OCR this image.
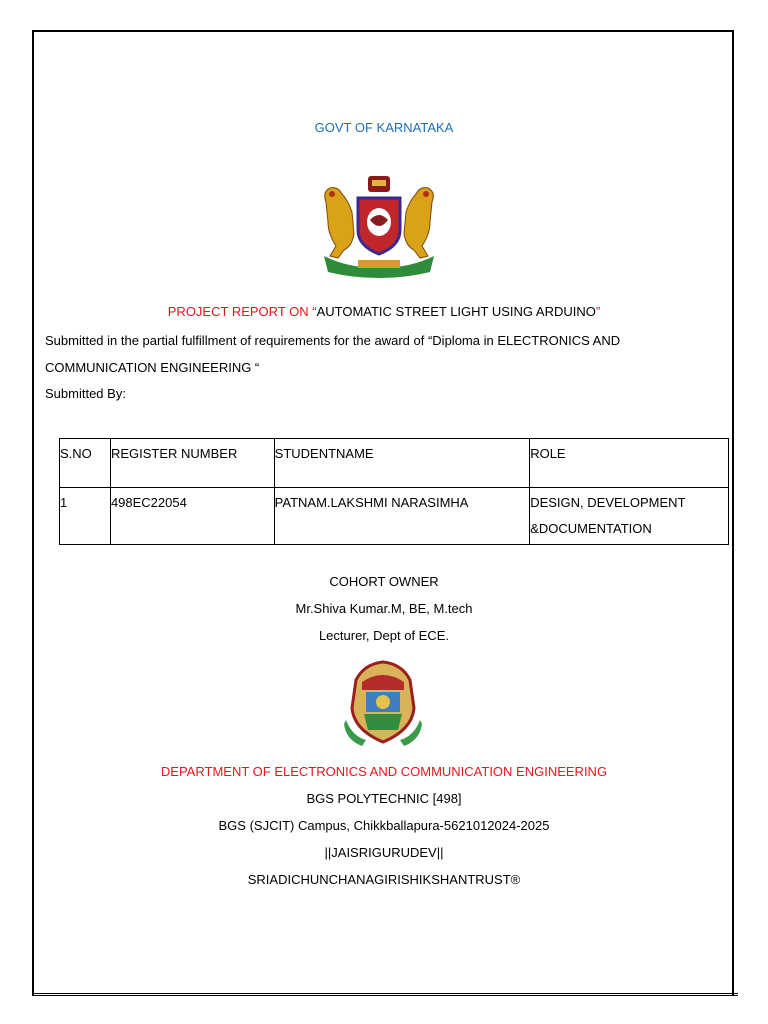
GOVT OF KARNATAKA
PROJECT REPORT ON “AUTOMATIC STREET LIGHT USING ARDUINO”
Submitted in the partial fulfillment of requirements for the award of “Diploma in ELECTRONICS AND
COMMUNICATION ENGINEERING “
Submitted By:
S.NO	REGISTER NUMBER	STUDENTNAME	ROLE
1	498EC22054	PATNAM.LAKSHMI NARASIMHA	DESIGN, DEVELOPMENT
&DOCUMENTATION
COHORT OWNER
Mr.Shiva Kumar.M, BE, M.tech
Lecturer, Dept of ECE.
DEPARTMENT OF ELECTRONICS AND COMMUNICATION ENGINEERING
BGS POLYTECHNIC [498]
BGS (SJCIT) Campus, Chikkballapura-5621012024-2025
||JAISRIGURUDEV||
SRIADICHUNCHANAGIRISHIKSHANTRUST®
